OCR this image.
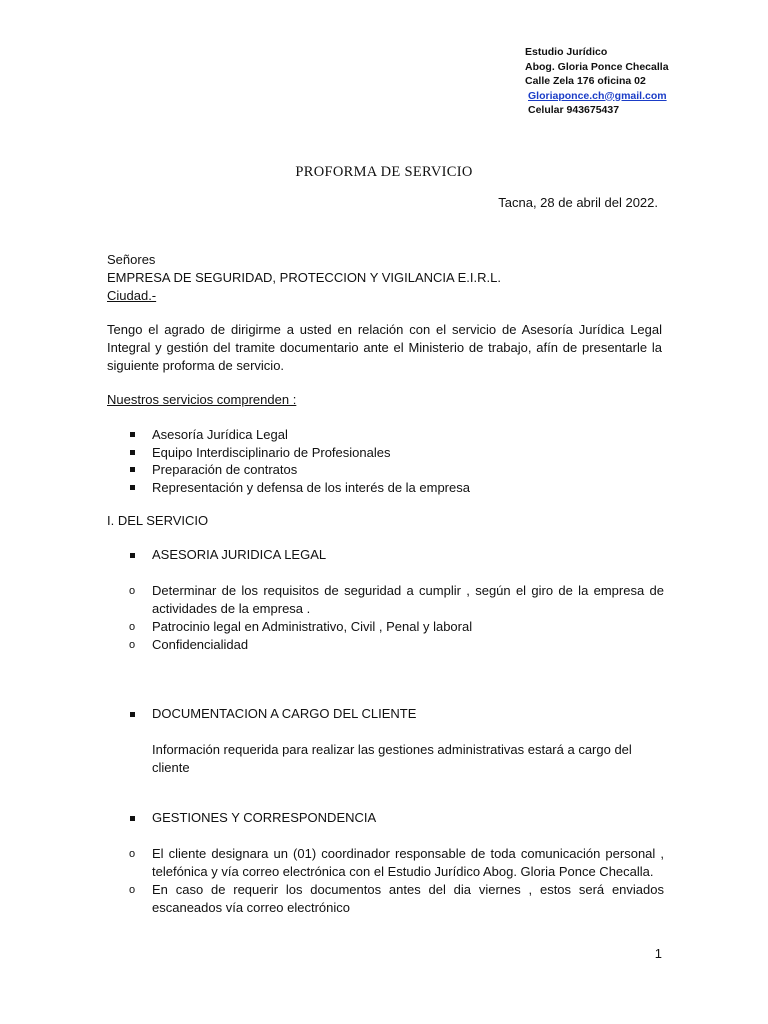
Estudio Jurídico
Abog. Gloria Ponce Checalla
Calle Zela 176 oficina 02
Gloriaponce.ch@gmail.com
Celular 943675437
PROFORMA DE SERVICIO
Tacna, 28 de abril del 2022.
Señores
EMPRESA DE SEGURIDAD, PROTECCION Y VIGILANCIA E.I.R.L.
Ciudad.-
Tengo el agrado de dirigirme a usted en relación con el servicio de Asesoría Jurídica Legal Integral y gestión del tramite documentario ante el Ministerio de trabajo, afín de presentarle la siguiente proforma de servicio.
Nuestros servicios comprenden :
Asesoría Jurídica Legal
Equipo Interdisciplinario de Profesionales
Preparación de contratos
Representación y defensa de los interés de la empresa
I. DEL SERVICIO
ASESORIA JURIDICA LEGAL
o Determinar de los requisitos de seguridad a cumplir , según el giro de la empresa de actividades de la empresa .
o Patrocinio legal en Administrativo, Civil , Penal y laboral
o Confidencialidad
DOCUMENTACION A CARGO DEL CLIENTE
Información requerida para realizar las gestiones administrativas estará a cargo del cliente
GESTIONES Y CORRESPONDENCIA
o El cliente designara un (01) coordinador responsable de toda comunicación personal , telefónica y vía correo electrónica con el Estudio Jurídico Abog. Gloria Ponce Checalla.
o En caso de requerir los documentos antes del dia viernes , estos será enviados escaneados vía correo electrónico
1
